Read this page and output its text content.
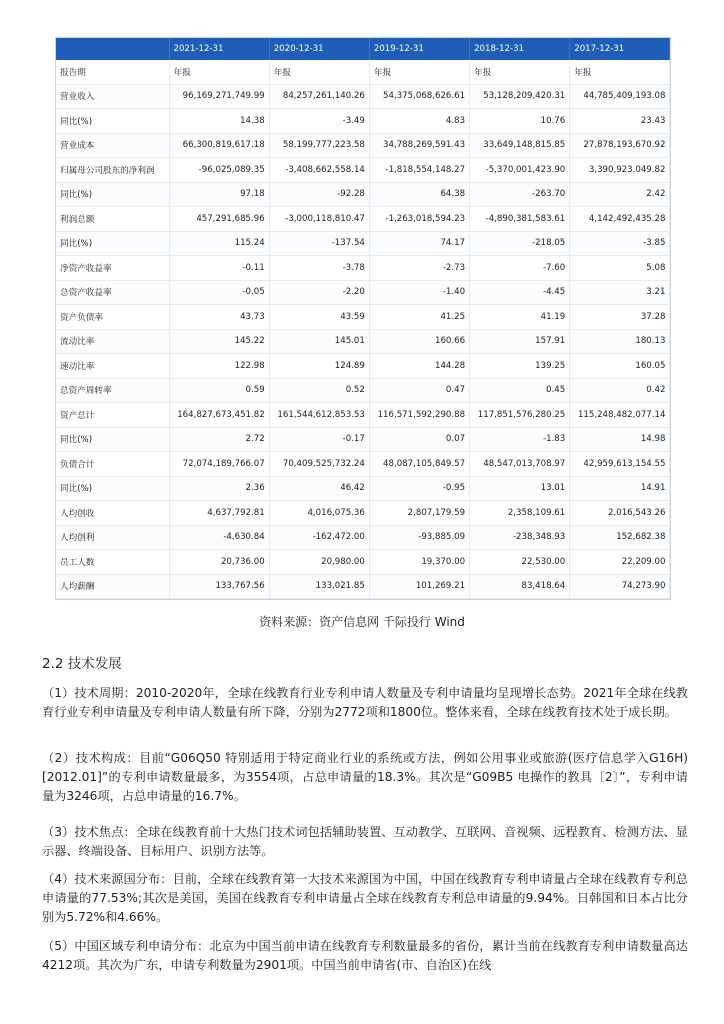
	2021-12-31	2020-12-31	2019-12-31	2018-12-31	2017-12-31
报告期	年报	年报	年报	年报	年报
营业收入	96,169,271,749.99	84,257,261,140.26	54,375,068,626.61	53,128,209,420.31	44,785,409,193.08
同比(%)	14.38	-3.49	4.83	10.76	23.43
营业成本	66,300,819,617.18	58,199,777,223.58	34,788,269,591.43	33,649,148,815.85	27,878,193,670.92
归属母公司股东的净利润	-96,025,089.35	-3,408,662,558.14	-1,818,554,148.27	-5,370,001,423.90	3,390,923,049.82
同比(%)	97.18	-92.28	64.38	-263.70	2.42
利润总额	457,291,685.96	-3,000,118,810.47	-1,263,018,594.23	-4,890,381,583.61	4,142,492,435.28
同比(%)	115.24	-137.54	74.17	-218.05	-3.85
净资产收益率	-0.11	-3.78	-2.73	-7.60	5.08
总资产收益率	-0.05	-2.20	-1.40	-4.45	3.21
资产负债率	43.73	43.59	41.25	41.19	37.28
流动比率	145.22	145.01	160.66	157.91	180.13
速动比率	122.98	124.89	144.28	139.25	160.05
总资产周转率	0.59	0.52	0.47	0.45	0.42
资产总计	164,827,673,451.82	161,544,612,853.53	116,571,592,290.88	117,851,576,280.25	115,248,482,077.14
同比(%)	2.72	-0.17	0.07	-1.83	14.98
负债合计	72,074,189,766.07	70,409,525,732.24	48,087,105,849.57	48,547,013,708.97	42,959,613,154.55
同比(%)	2.36	46.42	-0.95	13.01	14.91
人均创收	4,637,792.81	4,016,075.36	2,807,179.59	2,358,109.61	2,016,543.26
人均创利	-4,630.84	-162,472.00	-93,885.09	-238,348.93	152,682.38
员工人数	20,736.00	20,980.00	19,370.00	22,530.00	22,209.00
人均薪酬	133,767.56	133,021.85	101,269.21	83,418.64	74,273.90
资料来源：资产信息网 千际投行 Wind
2.2 技术发展

（1）技术周期：2010-2020年，全球在线教育行业专利申请人数量及专利申请量均呈现增长态势。2021年全球在线教育行业专利申请量及专利申请人数量有所下降，分别为2772项和1800位。整体来看，全球在线教育技术处于成长期。

（2）技术构成：目前“G06Q50 特别适用于特定商业行业的系统或方法，例如公用事业或旅游(医疗信息学入G16H)[2012.01]”的专利申请数量最多，为3554项，占总申请量的18.3%。其次是“G09B5 电操作的教具〔2〕”，专利申请量为3246项，占总申请量的16.7%。

（3）技术焦点：全球在线教育前十大热门技术词包括辅助装置、互动教学、互联网、音视频、远程教育、检测方法、显示器、终端设备、目标用户、识别方法等。

（4）技术来源国分布：目前，全球在线教育第一大技术来源国为中国，中国在线教育专利申请量占全球在线教育专利总申请量的77.53%;其次是美国，美国在线教育专利申请量占全球在线教育专利总申请量的9.94%。日韩国和日本占比分别为5.72%和4.66%。

（5）中国区域专利申请分布：北京为中国当前申请在线教育专利数量最多的省份，累计当前在线教育专利申请数量高达4212项。其次为广东，申请专利数量为2901项。中国当前申请省(市、自治区)在线
